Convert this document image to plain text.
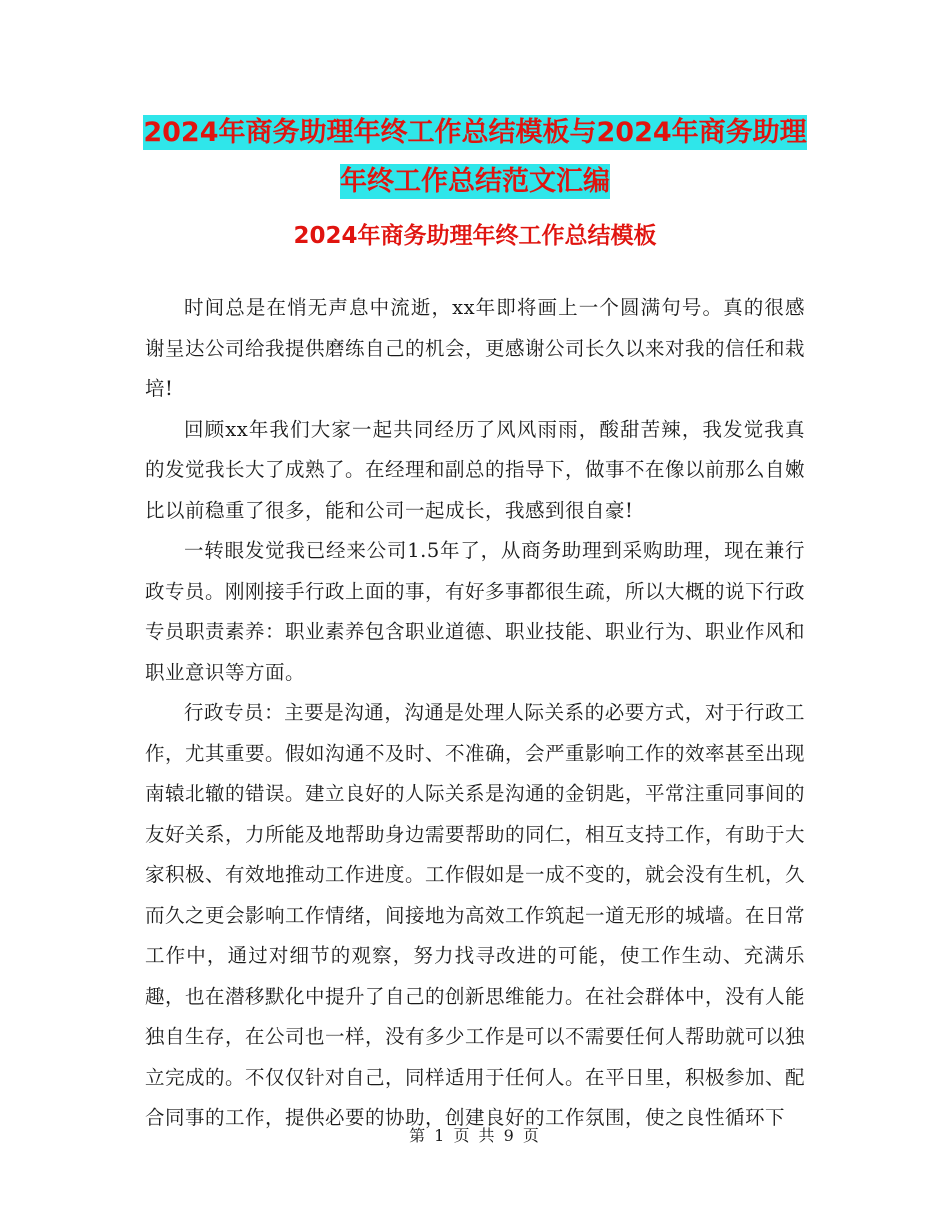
2024年商务助理年终工作总结模板与2024年商务助理
年终工作总结范文汇编
2024年商务助理年终工作总结模板

时间总是在悄无声息中流逝，xx年即将画上一个圆满句号。真的很感谢呈达公司给我提供磨练自己的机会，更感谢公司长久以来对我的信任和栽培!

回顾xx年我们大家一起共同经历了风风雨雨，酸甜苦辣，我发觉我真的发觉我长大了成熟了。在经理和副总的指导下，做事不在像以前那么自嫩比以前稳重了很多，能和公司一起成长，我感到很自豪!

一转眼发觉我已经来公司1.5年了，从商务助理到采购助理，现在兼行政专员。刚刚接手行政上面的事，有好多事都很生疏，所以大概的说下行政专员职责素养：职业素养包含职业道德、职业技能、职业行为、职业作风和职业意识等方面。

行政专员：主要是沟通，沟通是处理人际关系的必要方式，对于行政工作，尤其重要。假如沟通不及时、不准确，会严重影响工作的效率甚至出现南辕北辙的错误。建立良好的人际关系是沟通的金钥匙，平常注重同事间的友好关系，力所能及地帮助身边需要帮助的同仁，相互支持工作，有助于大家积极、有效地推动工作进度。工作假如是一成不变的，就会没有生机，久而久之更会影响工作情绪，间接地为高效工作筑起一道无形的城墙。在日常工作中，通过对细节的观察，努力找寻改进的可能，使工作生动、充满乐趣，也在潜移默化中提升了自己的创新思维能力。在社会群体中，没有人能独自生存，在公司也一样，没有多少工作是可以不需要任何人帮助就可以独立完成的。不仅仅针对自己，同样适用于任何人。在平日里，积极参加、配合同事的工作，提供必要的协助，创建良好的工作氛围，使之良性循环下

第 1 页 共 9 页
